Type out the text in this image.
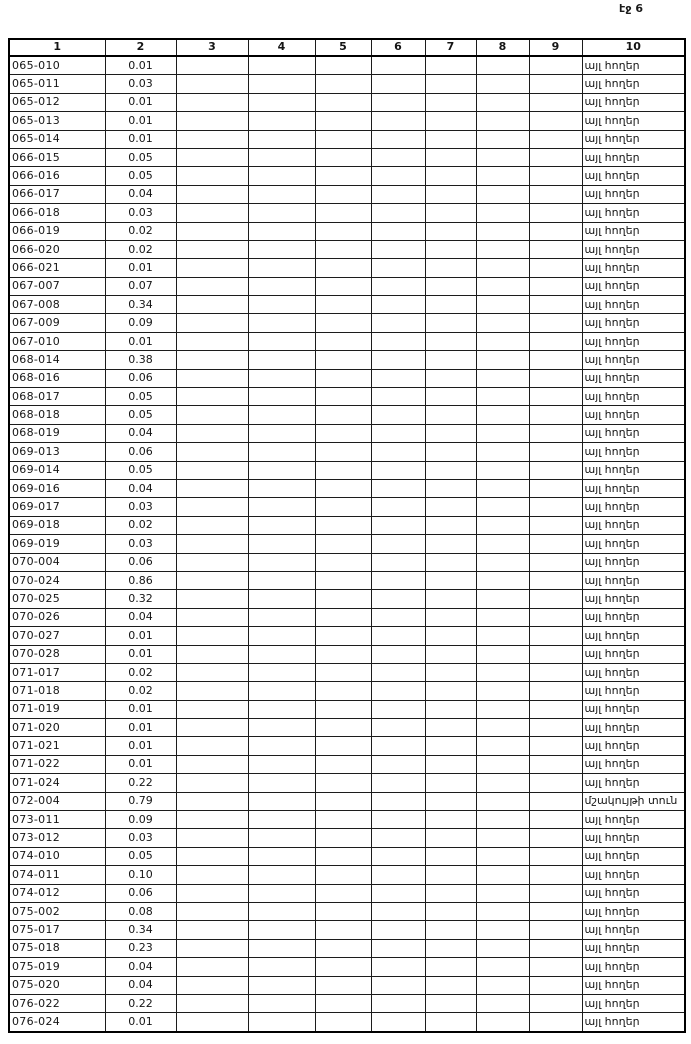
էջ 6
1	2	3	4	5	6	7	8	9	10
065-010	0.01								այլ հողեր
065-011	0.03								այլ հողեր
065-012	0.01								այլ հողեր
065-013	0.01								այլ հողեր
065-014	0.01								այլ հողեր
066-015	0.05								այլ հողեր
066-016	0.05								այլ հողեր
066-017	0.04								այլ հողեր
066-018	0.03								այլ հողեր
066-019	0.02								այլ հողեր
066-020	0.02								այլ հողեր
066-021	0.01								այլ հողեր
067-007	0.07								այլ հողեր
067-008	0.34								այլ հողեր
067-009	0.09								այլ հողեր
067-010	0.01								այլ հողեր
068-014	0.38								այլ հողեր
068-016	0.06								այլ հողեր
068-017	0.05								այլ հողեր
068-018	0.05								այլ հողեր
068-019	0.04								այլ հողեր
069-013	0.06								այլ հողեր
069-014	0.05								այլ հողեր
069-016	0.04								այլ հողեր
069-017	0.03								այլ հողեր
069-018	0.02								այլ հողեր
069-019	0.03								այլ հողեր
070-004	0.06								այլ հողեր
070-024	0.86								այլ հողեր
070-025	0.32								այլ հողեր
070-026	0.04								այլ հողեր
070-027	0.01								այլ հողեր
070-028	0.01								այլ հողեր
071-017	0.02								այլ հողեր
071-018	0.02								այլ հողեր
071-019	0.01								այլ հողեր
071-020	0.01								այլ հողեր
071-021	0.01								այլ հողեր
071-022	0.01								այլ հողեր
071-024	0.22								այլ հողեր
072-004	0.79								մշակույթի տուն
073-011	0.09								այլ հողեր
073-012	0.03								այլ հողեր
074-010	0.05								այլ հողեր
074-011	0.10								այլ հողեր
074-012	0.06								այլ հողեր
075-002	0.08								այլ հողեր
075-017	0.34								այլ հողեր
075-018	0.23								այլ հողեր
075-019	0.04								այլ հողեր
075-020	0.04								այլ հողեր
076-022	0.22								այլ հողեր
076-024	0.01								այլ հողեր
